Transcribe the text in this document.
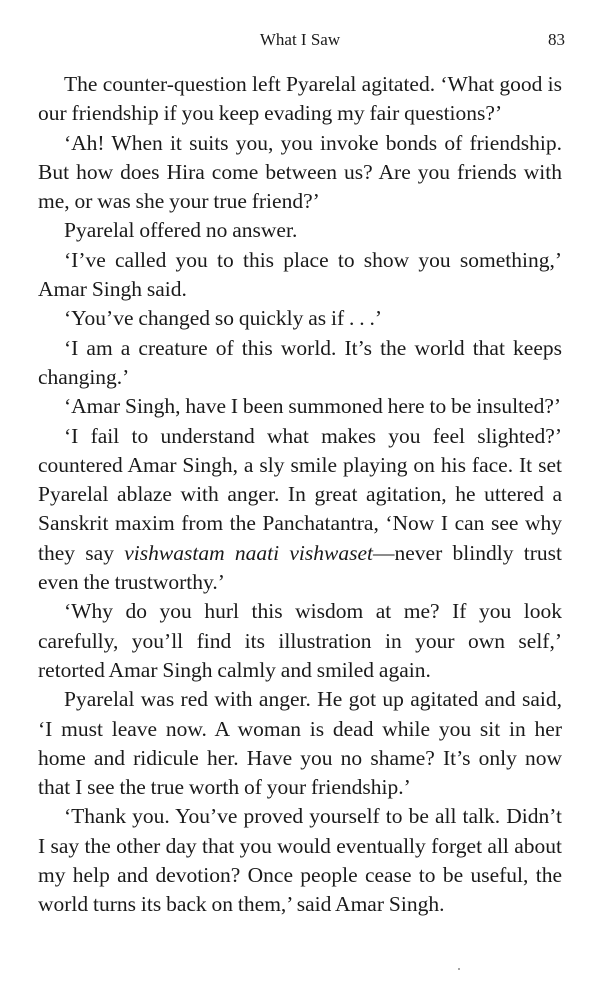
What I Saw	83

The counter-question left Pyarelal agitated. ‘What good is our friendship if you keep evading my fair questions?’

‘Ah! When it suits you, you invoke bonds of friendship. But how does Hira come between us? Are you friends with me, or was she your true friend?’

Pyarelal offered no answer.

‘I’ve called you to this place to show you something,’ Amar Singh said.

‘You’ve changed so quickly as if . . .’

‘I am a creature of this world. It’s the world that keeps changing.’

‘Amar Singh, have I been summoned here to be insulted?’

‘I fail to understand what makes you feel slighted?’ countered Amar Singh, a sly smile playing on his face. It set Pyarelal ablaze with anger. In great agitation, he uttered a Sanskrit maxim from the Panchatantra, ‘Now I can see why they say vishwastam naati vishwaset—never blindly trust even the trustworthy.’

‘Why do you hurl this wisdom at me? If you look carefully, you’ll find its illustration in your own self,’ retorted Amar Singh calmly and smiled again.

Pyarelal was red with anger. He got up agitated and said, ‘I must leave now. A woman is dead while you sit in her home and ridicule her. Have you no shame? It’s only now that I see the true worth of your friendship.’

‘Thank you. You’ve proved yourself to be all talk. Didn’t I say the other day that you would eventually forget all about my help and devotion? Once people cease to be useful, the world turns its back on them,’ said Amar Singh.
